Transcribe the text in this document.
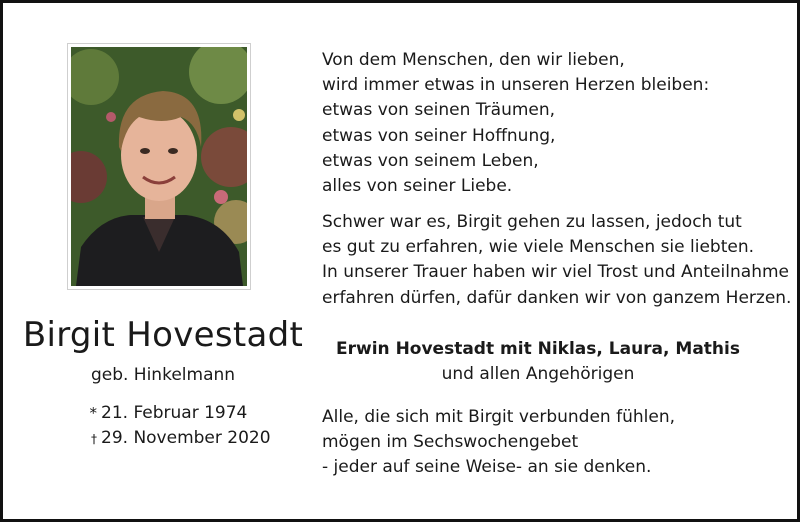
Birgit Hovestadt
geb. Hinkelmann
* 21. Februar 1974
† 29. November 2020
Von dem Menschen, den wir lieben,
wird immer etwas in unseren Herzen bleiben:
etwas von seinen Träumen,
etwas von seiner Hoffnung,
etwas von seinem Leben,
alles von seiner Liebe.
Schwer war es, Birgit gehen zu lassen, jedoch tut
es gut zu erfahren, wie viele Menschen sie liebten.
In unserer Trauer haben wir viel Trost und Anteilnahme
erfahren dürfen, dafür danken wir von ganzem Herzen.
Erwin Hovestadt mit Niklas, Laura, Mathis
und allen Angehörigen
Alle, die sich mit Birgit verbunden fühlen,
mögen im Sechswochengebet
- jeder auf seine Weise- an sie denken.
